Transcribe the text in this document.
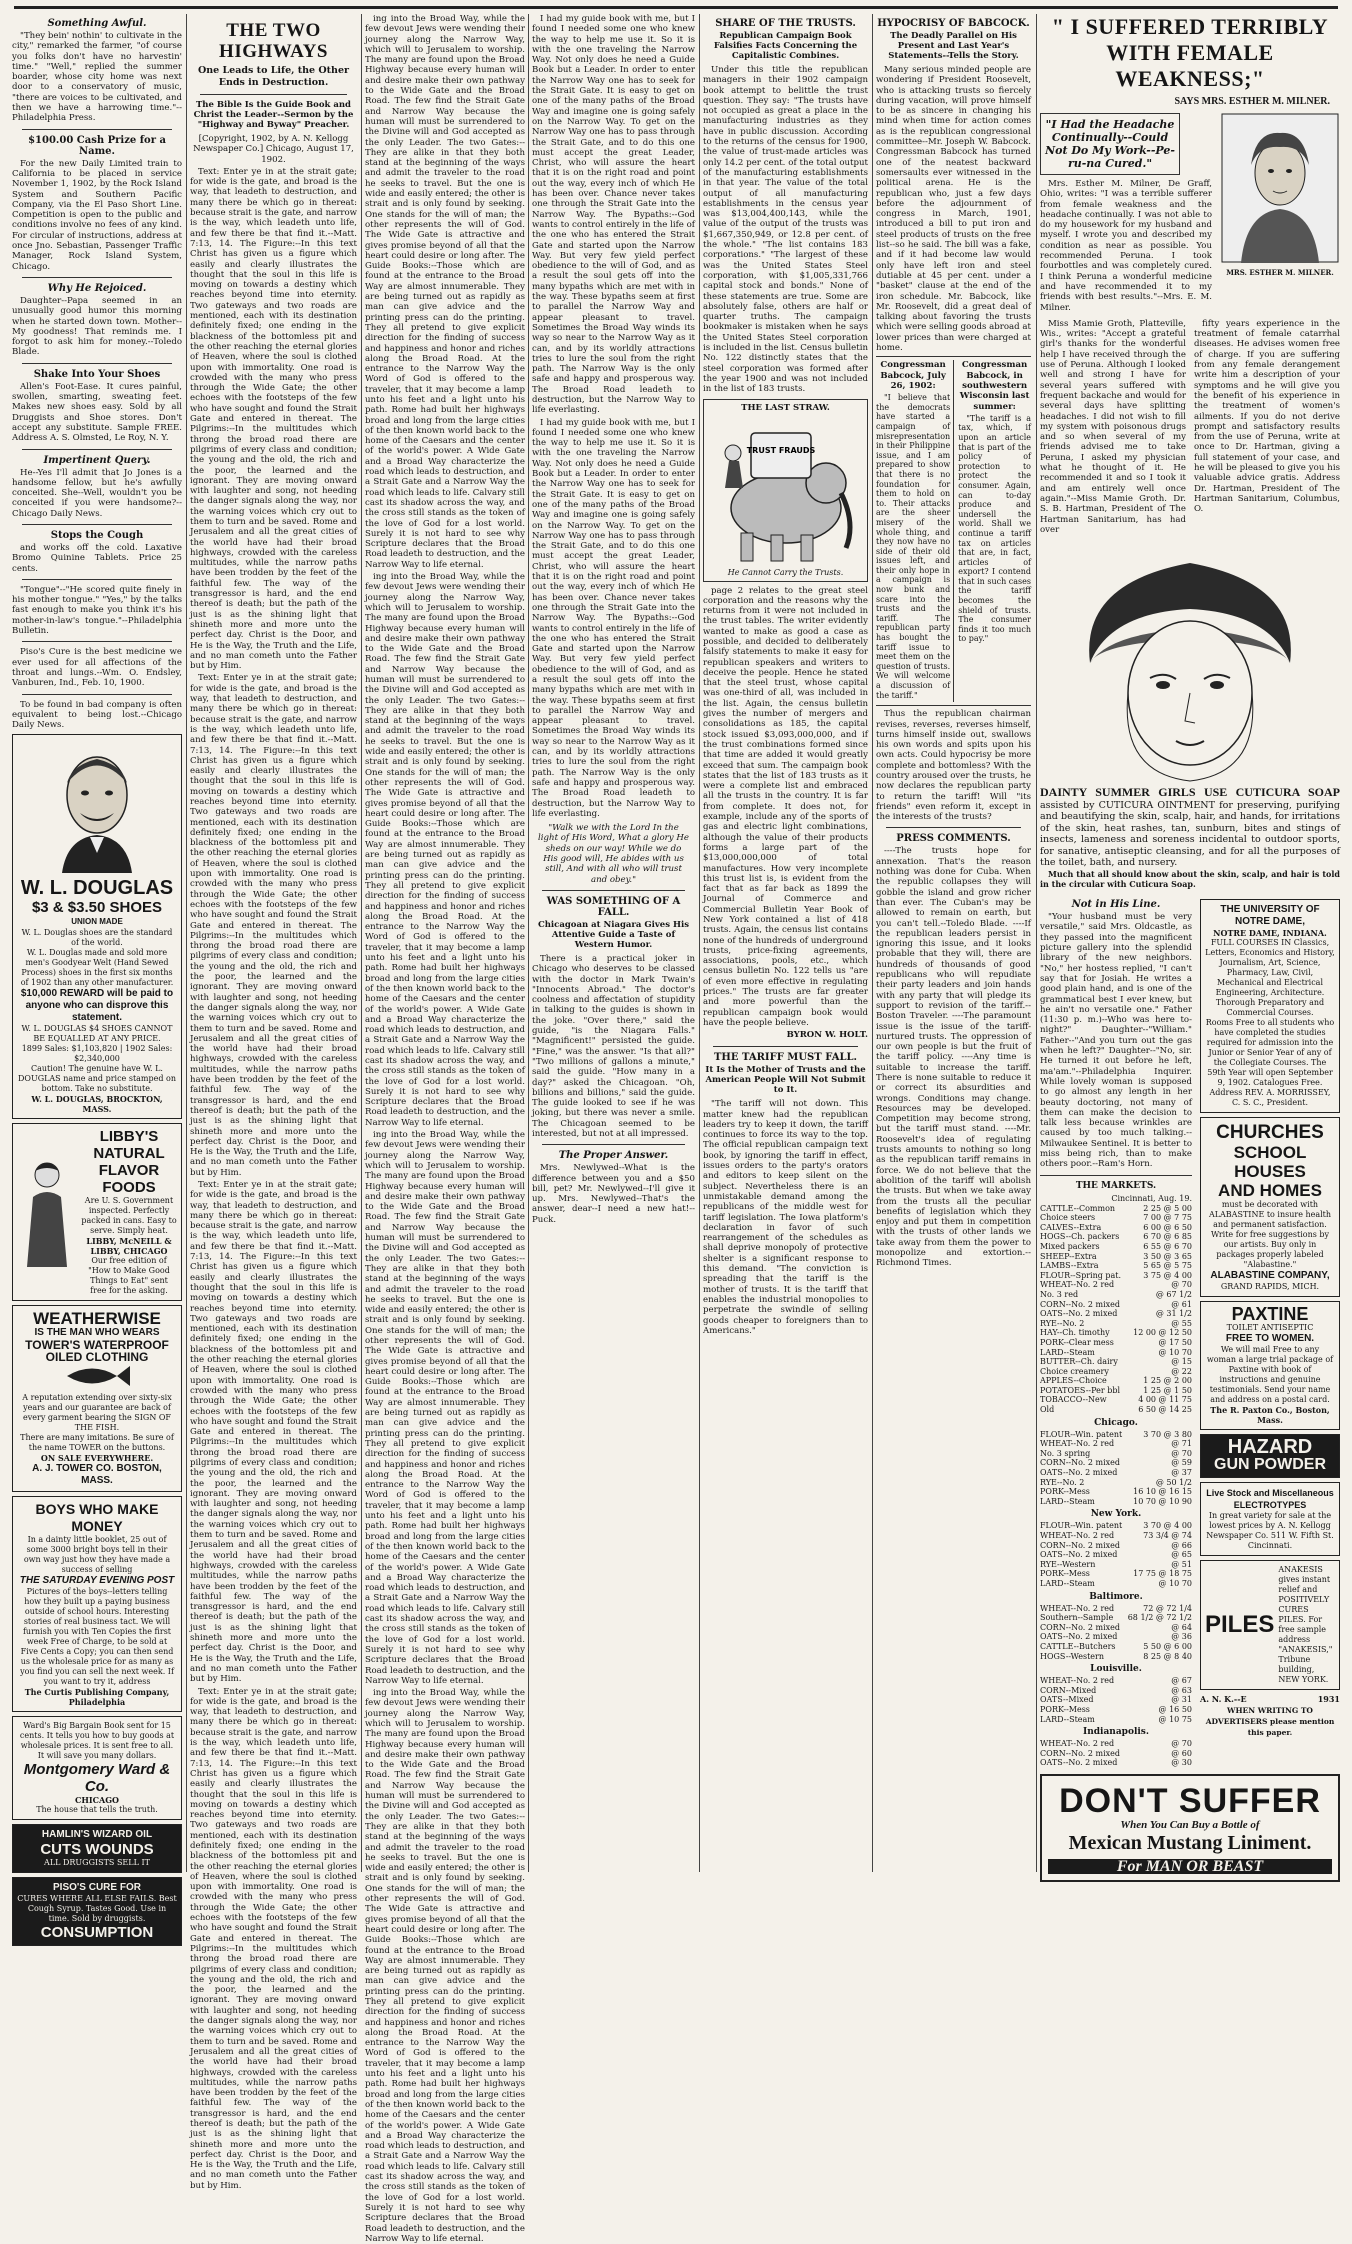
Something Awful.

"They bein' nothin' to cultivate in the city," remarked the farmer, "of course you folks don't have no harvestin' time." "Well," replied the summer boarder, whose city home was next door to a conservatory of music, "there are voices to be cultivated, and then we have a harrowing time."--Philadelphia Press.

$100.00 Cash Prize for a Name.

For the new Daily Limited train to California to be placed in service November 1, 1902, by the Rock Island System and Southern Pacific Company, via the El Paso Short Line. Competition is open to the public and conditions involve no fees of any kind. For circular of instructions, address at once Jno. Sebastian, Passenger Traffic Manager, Rock Island System, Chicago.

Why He Rejoiced.

Daughter--Papa seemed in an unusually good humor this morning when he started down town. Mother--My goodness! That reminds me. I forgot to ask him for money.--Toledo Blade.

Shake Into Your Shoes

Allen's Foot-Ease. It cures painful, swollen, smarting, sweating feet. Makes new shoes easy. Sold by all Druggists and Shoe stores. Don't accept any substitute. Sample FREE. Address A. S. Olmsted, Le Roy, N. Y.

Impertinent Query.

He--Yes I'll admit that Jo Jones is a handsome fellow, but he's awfully conceited. She--Well, wouldn't you be conceited if you were handsome?--Chicago Daily News.

Stops the Cough

and works off the cold. Laxative Bromo Quinine Tablets. Price 25 cents.

"Tongue"--"He scored quite finely in his mother tongue." "Yes," by the talks fast enough to make you think it's his mother-in-law's tongue."--Philadelphia Bulletin.

Piso's Cure is the best medicine we ever used for all affections of the throat and lungs.--Wm. O. Endsley, Vanburen, Ind., Feb. 10, 1900.

To be found in bad company is often equivalent to being lost.--Chicago Daily News.

W. L. DOUGLAS
$3 & $3.50 SHOES
UNION MADE
W. L. Douglas shoes are the standard of the world.
W. L. Douglas made and sold more men's Goodyear Welt (Hand Sewed Process) shoes in the first six months of 1902 than any other manufacturer.
$10,000 REWARD will be paid to anyone who can disprove this statement.
W. L. DOUGLAS $4 SHOES CANNOT BE EQUALLED AT ANY PRICE.
1899 Sales: $1,103,820 | 1902 Sales: $2,340,000
Caution! The genuine have W. L. DOUGLAS name and price stamped on bottom. Take no substitute.
W. L. DOUGLAS, BROCKTON, MASS.
LIBBY'S NATURAL FLAVOR FOODS
Are U. S. Government inspected. Perfectly packed in cans. Easy to serve. Simply heat.
LIBBY, McNEILL & LIBBY, CHICAGO
Our free edition of "How to Make Good Things to Eat" sent free for the asking.
WEATHERWISE
IS THE MAN WHO WEARS
TOWER'S WATERPROOF OILED CLOTHING
A reputation extending over sixty-six years and our guarantee are back of every garment bearing the SIGN OF THE FISH.
There are many imitations. Be sure of the name TOWER on the buttons.
ON SALE EVERYWHERE.
A. J. TOWER CO. BOSTON, MASS.
BOYS WHO MAKE MONEY
In a dainty little booklet, 25 out of some 3000 bright boys tell in their own way just how they have made a success of selling
THE SATURDAY EVENING POST
Pictures of the boys--letters telling how they built up a paying business outside of school hours. Interesting stories of real business tact. We will furnish you with Ten Copies the first week Free of Charge, to be sold at Five Cents a Copy; you can then send us the wholesale price for as many as you find you can sell the next week. If you want to try it, address
The Curtis Publishing Company, Philadelphia
Ward's Big Bargain Book sent for 15 cents. It tells you how to buy goods at wholesale prices. It is sent free to all. It will save you many dollars.
Montgomery Ward & Co.
CHICAGO
The house that tells the truth.
HAMLIN'S WIZARD OIL
CUTS WOUNDS
ALL DRUGGISTS SELL IT
PISO'S CURE FOR
CURES WHERE ALL ELSE FAILS. Best Cough Syrup. Tastes Good. Use in time. Sold by druggists.
CONSUMPTION
THE TWO HIGHWAYS
One Leads to Life, the Other Ends in Destruction.
The Bible Is the Guide Book and Christ the Leader--Sermon by the "Highway and Byway" Preacher.

[Copyright, 1902, by A. N. Kellogg Newspaper Co.] Chicago, August 17, 1902.

Text: Enter ye in at the strait gate; for wide is the gate, and broad is the way, that leadeth to destruction, and many there be which go in thereat: because strait is the gate, and narrow is the way, which leadeth unto life, and few there be that find it.--Matt. 7:13, 14. The Figure:--In this text Christ has given us a figure which easily and clearly illustrates the thought that the soul in this life is moving on towards a destiny which reaches beyond time into eternity. Two gateways and two roads are mentioned, each with its destination definitely fixed; one ending in the blackness of the bottomless pit and the other reaching the eternal glories of Heaven, where the soul is clothed upon with immortality. One road is crowded with the many who press through the Wide Gate; the other echoes with the footsteps of the few who have sought and found the Strait Gate and entered in thereat. The Pilgrims:--In the multitudes which throng the broad road there are pilgrims of every class and condition; the young and the old, the rich and the poor, the learned and the ignorant. They are moving onward with laughter and song, not heeding the danger signals along the way, nor the warning voices which cry out to them to turn and be saved. Rome and Jerusalem and all the great cities of the world have had their broad highways, crowded with the careless multitudes, while the narrow paths have been trodden by the feet of the faithful few. The way of the transgressor is hard, and the end thereof is death; but the path of the just is as the shining light that shineth more and more unto the perfect day. Christ is the Door, and He is the Way, the Truth and the Life, and no man cometh unto the Father but by Him.

Text: Enter ye in at the strait gate; for wide is the gate, and broad is the way, that leadeth to destruction, and many there be which go in thereat: because strait is the gate, and narrow is the way, which leadeth unto life, and few there be that find it.--Matt. 7:13, 14. The Figure:--In this text Christ has given us a figure which easily and clearly illustrates the thought that the soul in this life is moving on towards a destiny which reaches beyond time into eternity. Two gateways and two roads are mentioned, each with its destination definitely fixed; one ending in the blackness of the bottomless pit and the other reaching the eternal glories of Heaven, where the soul is clothed upon with immortality. One road is crowded with the many who press through the Wide Gate; the other echoes with the footsteps of the few who have sought and found the Strait Gate and entered in thereat. The Pilgrims:--In the multitudes which throng the broad road there are pilgrims of every class and condition; the young and the old, the rich and the poor, the learned and the ignorant. They are moving onward with laughter and song, not heeding the danger signals along the way, nor the warning voices which cry out to them to turn and be saved. Rome and Jerusalem and all the great cities of the world have had their broad highways, crowded with the careless multitudes, while the narrow paths have been trodden by the feet of the faithful few. The way of the transgressor is hard, and the end thereof is death; but the path of the just is as the shining light that shineth more and more unto the perfect day. Christ is the Door, and He is the Way, the Truth and the Life, and no man cometh unto the Father but by Him.

Text: Enter ye in at the strait gate; for wide is the gate, and broad is the way, that leadeth to destruction, and many there be which go in thereat: because strait is the gate, and narrow is the way, which leadeth unto life, and few there be that find it.--Matt. 7:13, 14. The Figure:--In this text Christ has given us a figure which easily and clearly illustrates the thought that the soul in this life is moving on towards a destiny which reaches beyond time into eternity. Two gateways and two roads are mentioned, each with its destination definitely fixed; one ending in the blackness of the bottomless pit and the other reaching the eternal glories of Heaven, where the soul is clothed upon with immortality. One road is crowded with the many who press through the Wide Gate; the other echoes with the footsteps of the few who have sought and found the Strait Gate and entered in thereat. The Pilgrims:--In the multitudes which throng the broad road there are pilgrims of every class and condition; the young and the old, the rich and the poor, the learned and the ignorant. They are moving onward with laughter and song, not heeding the danger signals along the way, nor the warning voices which cry out to them to turn and be saved. Rome and Jerusalem and all the great cities of the world have had their broad highways, crowded with the careless multitudes, while the narrow paths have been trodden by the feet of the faithful few. The way of the transgressor is hard, and the end thereof is death; but the path of the just is as the shining light that shineth more and more unto the perfect day. Christ is the Door, and He is the Way, the Truth and the Life, and no man cometh unto the Father but by Him.

Text: Enter ye in at the strait gate; for wide is the gate, and broad is the way, that leadeth to destruction, and many there be which go in thereat: because strait is the gate, and narrow is the way, which leadeth unto life, and few there be that find it.--Matt. 7:13, 14. The Figure:--In this text Christ has given us a figure which easily and clearly illustrates the thought that the soul in this life is moving on towards a destiny which reaches beyond time into eternity. Two gateways and two roads are mentioned, each with its destination definitely fixed; one ending in the blackness of the bottomless pit and the other reaching the eternal glories of Heaven, where the soul is clothed upon with immortality. One road is crowded with the many who press through the Wide Gate; the other echoes with the footsteps of the few who have sought and found the Strait Gate and entered in thereat. The Pilgrims:--In the multitudes which throng the broad road there are pilgrims of every class and condition; the young and the old, the rich and the poor, the learned and the ignorant. They are moving onward with laughter and song, not heeding the danger signals along the way, nor the warning voices which cry out to them to turn and be saved. Rome and Jerusalem and all the great cities of the world have had their broad highways, crowded with the careless multitudes, while the narrow paths have been trodden by the feet of the faithful few. The way of the transgressor is hard, and the end thereof is death; but the path of the just is as the shining light that shineth more and more unto the perfect day. Christ is the Door, and He is the Way, the Truth and the Life, and no man cometh unto the Father but by Him.

ing into the Broad Way, while the few devout Jews were wending their journey along the Narrow Way, which will to Jerusalem to worship. The many are found upon the Broad Highway because every human will and desire make their own pathway to the Wide Gate and the Broad Road. The few find the Strait Gate and Narrow Way because the human will must be surrendered to the Divine will and God accepted as the only Leader. The two Gates:--They are alike in that they both stand at the beginning of the ways and admit the traveler to the road he seeks to travel. But the one is wide and easily entered; the other is strait and is only found by seeking. One stands for the will of man; the other represents the will of God. The Wide Gate is attractive and gives promise beyond of all that the heart could desire or long after. The Guide Books:--Those which are found at the entrance to the Broad Way are almost innumerable. They are being turned out as rapidly as man can give advice and the printing press can do the printing. They all pretend to give explicit direction for the finding of success and happiness and honor and riches along the Broad Road. At the entrance to the Narrow Way the Word of God is offered to the traveler, that it may become a lamp unto his feet and a light unto his path. Rome had built her highways broad and long from the large cities of the then known world back to the home of the Caesars and the center of the world's power. A Wide Gate and a Broad Way characterize the road which leads to destruction, and a Strait Gate and a Narrow Way the road which leads to life. Calvary still cast its shadow across the way, and the cross still stands as the token of the love of God for a lost world. Surely it is not hard to see why Scripture declares that the Broad Road leadeth to destruction, and the Narrow Way to life eternal.

ing into the Broad Way, while the few devout Jews were wending their journey along the Narrow Way, which will to Jerusalem to worship. The many are found upon the Broad Highway because every human will and desire make their own pathway to the Wide Gate and the Broad Road. The few find the Strait Gate and Narrow Way because the human will must be surrendered to the Divine will and God accepted as the only Leader. The two Gates:--They are alike in that they both stand at the beginning of the ways and admit the traveler to the road he seeks to travel. But the one is wide and easily entered; the other is strait and is only found by seeking. One stands for the will of man; the other represents the will of God. The Wide Gate is attractive and gives promise beyond of all that the heart could desire or long after. The Guide Books:--Those which are found at the entrance to the Broad Way are almost innumerable. They are being turned out as rapidly as man can give advice and the printing press can do the printing. They all pretend to give explicit direction for the finding of success and happiness and honor and riches along the Broad Road. At the entrance to the Narrow Way the Word of God is offered to the traveler, that it may become a lamp unto his feet and a light unto his path. Rome had built her highways broad and long from the large cities of the then known world back to the home of the Caesars and the center of the world's power. A Wide Gate and a Broad Way characterize the road which leads to destruction, and a Strait Gate and a Narrow Way the road which leads to life. Calvary still cast its shadow across the way, and the cross still stands as the token of the love of God for a lost world. Surely it is not hard to see why Scripture declares that the Broad Road leadeth to destruction, and the Narrow Way to life eternal.

ing into the Broad Way, while the few devout Jews were wending their journey along the Narrow Way, which will to Jerusalem to worship. The many are found upon the Broad Highway because every human will and desire make their own pathway to the Wide Gate and the Broad Road. The few find the Strait Gate and Narrow Way because the human will must be surrendered to the Divine will and God accepted as the only Leader. The two Gates:--They are alike in that they both stand at the beginning of the ways and admit the traveler to the road he seeks to travel. But the one is wide and easily entered; the other is strait and is only found by seeking. One stands for the will of man; the other represents the will of God. The Wide Gate is attractive and gives promise beyond of all that the heart could desire or long after. The Guide Books:--Those which are found at the entrance to the Broad Way are almost innumerable. They are being turned out as rapidly as man can give advice and the printing press can do the printing. They all pretend to give explicit direction for the finding of success and happiness and honor and riches along the Broad Road. At the entrance to the Narrow Way the Word of God is offered to the traveler, that it may become a lamp unto his feet and a light unto his path. Rome had built her highways broad and long from the large cities of the then known world back to the home of the Caesars and the center of the world's power. A Wide Gate and a Broad Way characterize the road which leads to destruction, and a Strait Gate and a Narrow Way the road which leads to life. Calvary still cast its shadow across the way, and the cross still stands as the token of the love of God for a lost world. Surely it is not hard to see why Scripture declares that the Broad Road leadeth to destruction, and the Narrow Way to life eternal.

ing into the Broad Way, while the few devout Jews were wending their journey along the Narrow Way, which will to Jerusalem to worship. The many are found upon the Broad Highway because every human will and desire make their own pathway to the Wide Gate and the Broad Road. The few find the Strait Gate and Narrow Way because the human will must be surrendered to the Divine will and God accepted as the only Leader. The two Gates:--They are alike in that they both stand at the beginning of the ways and admit the traveler to the road he seeks to travel. But the one is wide and easily entered; the other is strait and is only found by seeking. One stands for the will of man; the other represents the will of God. The Wide Gate is attractive and gives promise beyond of all that the heart could desire or long after. The Guide Books:--Those which are found at the entrance to the Broad Way are almost innumerable. They are being turned out as rapidly as man can give advice and the printing press can do the printing. They all pretend to give explicit direction for the finding of success and happiness and honor and riches along the Broad Road. At the entrance to the Narrow Way the Word of God is offered to the traveler, that it may become a lamp unto his feet and a light unto his path. Rome had built her highways broad and long from the large cities of the then known world back to the home of the Caesars and the center of the world's power. A Wide Gate and a Broad Way characterize the road which leads to destruction, and a Strait Gate and a Narrow Way the road which leads to life. Calvary still cast its shadow across the way, and the cross still stands as the token of the love of God for a lost world. Surely it is not hard to see why Scripture declares that the Broad Road leadeth to destruction, and the Narrow Way to life eternal.

I had my guide book with me, but I found I needed some one who knew the way to help me use it. So it is with the one traveling the Narrow Way. Not only does he need a Guide Book but a Leader. In order to enter the Narrow Way one has to seek for the Strait Gate. It is easy to get on one of the many paths of the Broad Way and imagine one is going safely on the Narrow Way. To get on the Narrow Way one has to pass through the Strait Gate, and to do this one must accept the great Leader, Christ, who will assure the heart that it is on the right road and point out the way, every inch of which He has been over. Chance never takes one through the Strait Gate into the Narrow Way. The Bypaths:--God wants to control entirely in the life of the one who has entered the Strait Gate and started upon the Narrow Way. But very few yield perfect obedience to the will of God, and as a result the soul gets off into the many bypaths which are met with in the way. These bypaths seem at first to parallel the Narrow Way and appear pleasant to travel. Sometimes the Broad Way winds its way so near to the Narrow Way as it can, and by its worldly attractions tries to lure the soul from the right path. The Narrow Way is the only safe and happy and prosperous way. The Broad Road leadeth to destruction, but the Narrow Way to life everlasting.

I had my guide book with me, but I found I needed some one who knew the way to help me use it. So it is with the one traveling the Narrow Way. Not only does he need a Guide Book but a Leader. In order to enter the Narrow Way one has to seek for the Strait Gate. It is easy to get on one of the many paths of the Broad Way and imagine one is going safely on the Narrow Way. To get on the Narrow Way one has to pass through the Strait Gate, and to do this one must accept the great Leader, Christ, who will assure the heart that it is on the right road and point out the way, every inch of which He has been over. Chance never takes one through the Strait Gate into the Narrow Way. The Bypaths:--God wants to control entirely in the life of the one who has entered the Strait Gate and started upon the Narrow Way. But very few yield perfect obedience to the will of God, and as a result the soul gets off into the many bypaths which are met with in the way. These bypaths seem at first to parallel the Narrow Way and appear pleasant to travel. Sometimes the Broad Way winds its way so near to the Narrow Way as it can, and by its worldly attractions tries to lure the soul from the right path. The Narrow Way is the only safe and happy and prosperous way. The Broad Road leadeth to destruction, but the Narrow Way to life everlasting.

"Walk we with the Lord In the light of His Word, What a glory He sheds on our way! While we do His good will, He abides with us still, And with all who will trust and obey."

WAS SOMETHING OF A FALL.
Chicagoan at Niagara Gives His Attentive Guide a Taste of Western Humor.

There is a practical joker in Chicago who deserves to be classed with the doctor in Mark Twain's "Innocents Abroad." The doctor's coolness and affectation of stupidity in talking to the guides is shown in the joke. "Over there," said the guide, "is the Niagara Falls." "Magnificent!" persisted the guide. "Fine," was the answer. "Is that all?" "Two millions of gallons a minute," said the guide. "How many in a day?" asked the Chicagoan. "Oh, billions and billions," said the guide. The guide looked to see if he was joking, but there was never a smile. The Chicagoan seemed to be interested, but not at all impressed.

The Proper Answer.

Mrs. Newlywed--What is the difference between you and a $50 bill, pet? Mr. Newlywed--I'll give it up. Mrs. Newlywed--That's the answer, dear--I need a new hat!--Puck.

SHARE OF THE TRUSTS.
Republican Campaign Book Falsifies Facts Concerning the Capitalistic Combines.

Under this title the republican managers in their 1902 campaign book attempt to belittle the trust question. They say: "The trusts have not occupied as great a place in the manufacturing industries as they have in public discussion. According to the returns of the census for 1900, the value of trust-made articles was only 14.2 per cent. of the total output of the manufacturing establishments in that year. The value of the total output of all manufacturing establishments in the census year was $13,004,400,143, while the value of the output of the trusts was $1,667,350,949, or 12.8 per cent. of the whole." "The list contains 183 corporations." "The largest of these was the United States Steel corporation, with $1,005,331,766 capital stock and bonds." None of these statements are true. Some are absolutely false, others are half or quarter truths. The campaign bookmaker is mistaken when he says the United States Steel corporation is included in the list. Census bulletin No. 122 distinctly states that the steel corporation was formed after the year 1900 and was not included in the list of 183 trusts.

THE LAST STRAW.
TRUST FRAUDS
He Cannot Carry the Trusts.

page 2 relates to the great steel corporation and the reasons why the returns from it were not included in the trust tables. The writer evidently wanted to make as good a case as possible, and decided to deliberately falsify statements to make it easy for republican speakers and writers to deceive the people. Hence he stated that the steel trust, whose capital was one-third of all, was included in the list. Again, the census bulletin gives the number of mergers and consolidations as 185, the capital stock issued $3,093,000,000, and if the trust combinations formed since that time are added it would greatly exceed that sum. The campaign book states that the list of 183 trusts as it were a complete list and embraced all the trusts in the country. It is far from complete. It does not, for example, include any of the sports of gas and electric light combinations, although the value of their products forms a large part of the $13,000,000,000 of total manufactures. How very incomplete this trust list is, is evident from the fact that as far back as 1899 the Journal of Commerce and Commercial Bulletin Year Book of New York contained a list of 418 trusts. Again, the census list contains none of the hundreds of underground trusts, price-fixing agreements, associations, pools, etc., which census bulletin No. 122 tells us "are of even more effective in regulating prices." The trusts are far greater and more powerful than the republican campaign book would have the people believe.

BYRON W. HOLT.
THE TARIFF MUST FALL.
It Is the Mother of Trusts and the American People Will Not Submit to It.

"The tariff will not down. This matter knew had the republican leaders try to keep it down, the tariff continues to force its way to the top. The official republican campaign text book, by ignoring the tariff in effect, issues orders to the party's orators and editors to keep silent on the subject. Nevertheless there is an unmistakable demand among the republicans of the middle west for tariff legislation. The Iowa platform's declaration in favor of such rearrangement of the schedules as shall deprive monopoly of protective shelter is a significant response to this demand. "The conviction is spreading that the tariff is the mother of trusts. It is the tariff that enables the industrial monopolies to perpetrate the swindle of selling goods cheaper to foreigners than to Americans."

HYPOCRISY OF BABCOCK.
The Deadly Parallel on His Present and Last Year's Statements--Tells the Story.

Many serious minded people are wondering if President Roosevelt, who is attacking trusts so fiercely during vacation, will prove himself to be as sincere in changing his mind when time for action comes as is the republican congressional committee--Mr. Joseph W. Babcock. Congressman Babcock has turned one of the neatest backward somersaults ever witnessed in the political arena. He is the republican who, just a few days before the adjournment of congress in March, 1901, introduced a bill to put iron and steel products of trusts on the free list--so he said. The bill was a fake, and if it had become law would only have left iron and steel dutiable at 45 per cent. under a "basket" clause at the end of the iron schedule. Mr. Babcock, like Mr. Roosevelt, did a great deal of talking about favoring the trusts which were selling goods abroad at lower prices than were charged at home.

Congressman Babcock, July 26, 1902:
"I believe that the democrats have started a campaign of misrepresentation in their Philippine issue, and I am prepared to show that there is no foundation for them to hold on to. Their attacks are the sheer misery of the whole thing, and they now have no side of their old issues left, and their only hope in a campaign is now bunk and scare into the trusts and the tariff. The republican party has bought the tariff issue to meet them on the question of trusts. We will welcome a discussion of the tariff."
Congressman Babcock, in southwestern Wisconsin last summer:
"The tariff is a tax, which, if upon an article that is part of the policy of protection to protect the consumer. Again, can to-day produce and undersell the world. Shall we continue a tariff tax on articles that are, in fact, articles of export? I contend that in such cases the tariff becomes the shield of trusts. The consumer finds it too much to pay."

Thus the republican chairman revises, reverses, reverses himself, turns himself inside out, swallows his own words and spits upon his own acts. Could hypocrisy be more complete and bottomless? With the country aroused over the trusts, he now declares the republican party to return the tariff! Will "its friends" even reform it, except in the interests of the trusts?

PRESS COMMENTS.

----The trusts hope for annexation. That's the reason nothing was done for Cuba. When the republic collapses they will gobble the island and grow richer than ever. The Cuban's may be allowed to remain on earth, but you can't tell.--Toledo Blade. ----If the republican leaders persist in ignoring this issue, and it looks probable that they will, there are hundreds of thousands of good republicans who will repudiate their party leaders and join hands with any party that will pledge its support to revision of the tariff.--Boston Traveler. ----The paramount issue is the issue of the tariff-nurtured trusts. The oppression of our own people is but the fruit of the tariff policy. ----Any time is suitable to increase the tariff. There is none suitable to reduce it or correct its absurdities and wrongs. Conditions may change. Resources may be developed. Competition may become strong, but the tariff must stand. ----Mr. Roosevelt's idea of regulating trusts amounts to nothing so long as the republican tariff remains in force. We do not believe that the abolition of the tariff will abolish the trusts. But when we take away from the trusts all the peculiar benefits of legislation which they enjoy and put them in competition with the trusts of other lands we take away from them the power to monopolize and extortion.--Richmond Times.

" I SUFFERED TERRIBLY
WITH FEMALE WEAKNESS;"
SAYS MRS. ESTHER M. MILNER.
"I Had the Headache Continually--Could Not Do My Work--Pe-ru-na Cured."

Mrs. Esther M. Milner, De Graff, Ohio, writes: "I was a terrible sufferer from female weakness and the headache continually. I was not able to do my housework for my husband and myself. I wrote you and described my condition as near as possible. You recommended Peruna. I took fourbottles and was completely cured. I think Peruna a wonderful medicine and have recommended it to my friends with best results."--Mrs. E. M. Milner.

MRS. ESTHER M. MILNER.

Miss Mamie Groth, Platteville, Wis., writes: "Accept a grateful girl's thanks for the wonderful help I have received through the use of Peruna. Although I looked well and strong I have for several years suffered with frequent backache and would for several days have splitting headaches. I did not wish to fill my system with poisonous drugs and so when several of my friends advised me to take Peruna, I asked my physician what he thought of it. He recommended it and so I took it and am entirely well once again."--Miss Mamie Groth. Dr. S. B. Hartman, President of The Hartman Sanitarium, has had over

fifty years experience in the treatment of female catarrhal diseases. He advises women free of charge. If you are suffering from any female derangement write him a description of your symptoms and he will give you the benefit of his experience in the treatment of women's ailments. If you do not derive prompt and satisfactory results from the use of Peruna, write at once to Dr. Hartman, giving a full statement of your case, and he will be pleased to give you his valuable advice gratis. Address Dr. Hartman, President of The Hartman Sanitarium, Columbus, O.

DAINTY SUMMER GIRLS USE CUTICURA SOAP assisted by CUTICURA OINTMENT for preserving, purifying and beautifying the skin, scalp, hair, and hands, for irritations of the skin, heat rashes, tan, sunburn, bites and stings of insects, lameness and soreness incidental to outdoor sports, for sanative, antiseptic cleansing, and for all the purposes of the toilet, bath, and nursery.

Much that all should know about the skin, scalp, and hair is told in the circular with Cuticura Soap.

Not in His Line.

"Your husband must be very versatile," said Mrs. Oldcastle, as they passed into the magnificent picture gallery into the splendid library of the new neighbors. "No," her hostess replied, "I can't say that for Josiah. He writes a good plain hand, and is one of the grammatical best I ever knew, but he ain't no versatile one." Father (11:30 p. m.)--Who was here to-night?" Daughter--"William." Father--"And you turn out the gas when he left?" Daughter--"No, sir. He turned it out before he left, ma'am."--Philadelphia Inquirer. While lovely woman is supposed to go almost any length in her beauty doctoring, not many of them can make the decision to talk less because wrinkles are caused by too much talking.--Milwaukee Sentinel. It is better to miss being rich, than to make others poor.--Ram's Horn.

THE MARKETS.
Cincinnati, Aug. 19.
CATTLE--Common	2 25 @ 5 00
Choice steers	7 00 @ 7 75
CALVES--Extra	6 00 @ 6 50
HOGS--Ch. packers	6 70 @ 6 85
Mixed packers	6 55 @ 6 70
SHEEP--Extra	3 50 @ 3 65
LAMBS--Extra	5 65 @ 5 75
FLOUR--Spring pat.	3 75 @ 4 00
WHEAT--No. 2 red	@ 70
No. 3 red	@ 67 1/2
CORN--No. 2 mixed	@ 61
OATS--No. 2 mixed	@ 31 1/2
RYE--No. 2	@ 55
HAY--Ch. timothy	12 00 @ 12 50
PORK--Clear mess	@ 17 50
LARD--Steam	@ 10 70
BUTTER--Ch. dairy	@ 15
Choice creamery	@ 22
APPLES--Choice	1 25 @ 2 00
POTATOES--Per bbl	1 25 @ 1 50
TOBACCO--New	4 00 @ 11 75
Old	6 50 @ 14 25
Chicago.
FLOUR--Win. patent	3 70 @ 3 80
WHEAT--No. 2 red	@ 71
No. 3 spring	@ 70
CORN--No. 2 mixed	@ 59
OATS--No. 2 mixed	@ 37
RYE--No. 2	@ 50 1/2
PORK--Mess	16 10 @ 16 15
LARD--Steam	10 70 @ 10 90
New York.
FLOUR--Win. patent	3 70 @ 4 00
WHEAT--No. 2 red	73 3/4 @ 74
CORN--No. 2 mixed	@ 66
OATS--No. 2 mixed	@ 65
RYE--Western	@ 51
PORK--Mess	17 75 @ 18 75
LARD--Steam	@ 10 70
Baltimore.
WHEAT--No. 2 red	72 @ 72 1/4
Southern--Sample 68 1/2 @ 72 1/2
CORN--No. 2 mixed	@ 64
OATS--No. 2 mixed	@ 36
CATTLE--Butchers	5 50 @ 6 00
HOGS--Western	8 25 @ 8 40
Louisville.
WHEAT--No. 2 red	@ 67
CORN--Mixed	@ 63
OATS--Mixed	@ 31
PORK--Mess	@ 16 50
LARD--Steam	@ 10 75
Indianapolis.
WHEAT--No. 2 red	@ 70
CORN--No. 2 mixed	@ 60
OATS--No. 2 mixed	@ 30
THE UNIVERSITY OF NOTRE DAME,
NOTRE DAME, INDIANA.
FULL COURSES IN Classics, Letters, Economics and History, Journalism, Art, Science, Pharmacy, Law, Civil, Mechanical and Electrical Engineering, Architecture. Thorough Preparatory and Commercial Courses.
Rooms Free to all students who have completed the studies required for admission into the Junior or Senior Year of any of the Collegiate Courses. The 59th Year will open September 9, 1902. Catalogues Free. Address REV. A. MORRISSEY, C. S. C., President.
CHURCHES
SCHOOL HOUSES
AND HOMES
must be decorated with ALABASTINE to insure health and permanent satisfaction. Write for free suggestions by our artists. Buy only in packages properly labeled "Alabastine."
ALABASTINE COMPANY,
GRAND RAPIDS, MICH.
PAXTINE
TOILET ANTISEPTIC
FREE TO WOMEN.
We will mail Free to any woman a large trial package of Paxtine with book of instructions and genuine testimonials. Send your name and address on a postal card.
The R. Paxton Co., Boston, Mass.
HAZARD
GUN POWDER
Live Stock and Miscellaneous ELECTROTYPES
In great variety for sale at the lowest prices by A. N. Kellogg Newspaper Co. 511 W. Fifth St. Cincinnati.
PILES
ANAKESIS gives instant relief and POSITIVELY CURES PILES. For free sample address "ANAKESIS," Tribune building, NEW YORK.
A. N. K.--E	1931
WHEN WRITING TO ADVERTISERS please mention this paper.
DON'T SUFFER
When You Can Buy a Bottle of
Mexican Mustang Liniment.
For MAN OR BEAST
